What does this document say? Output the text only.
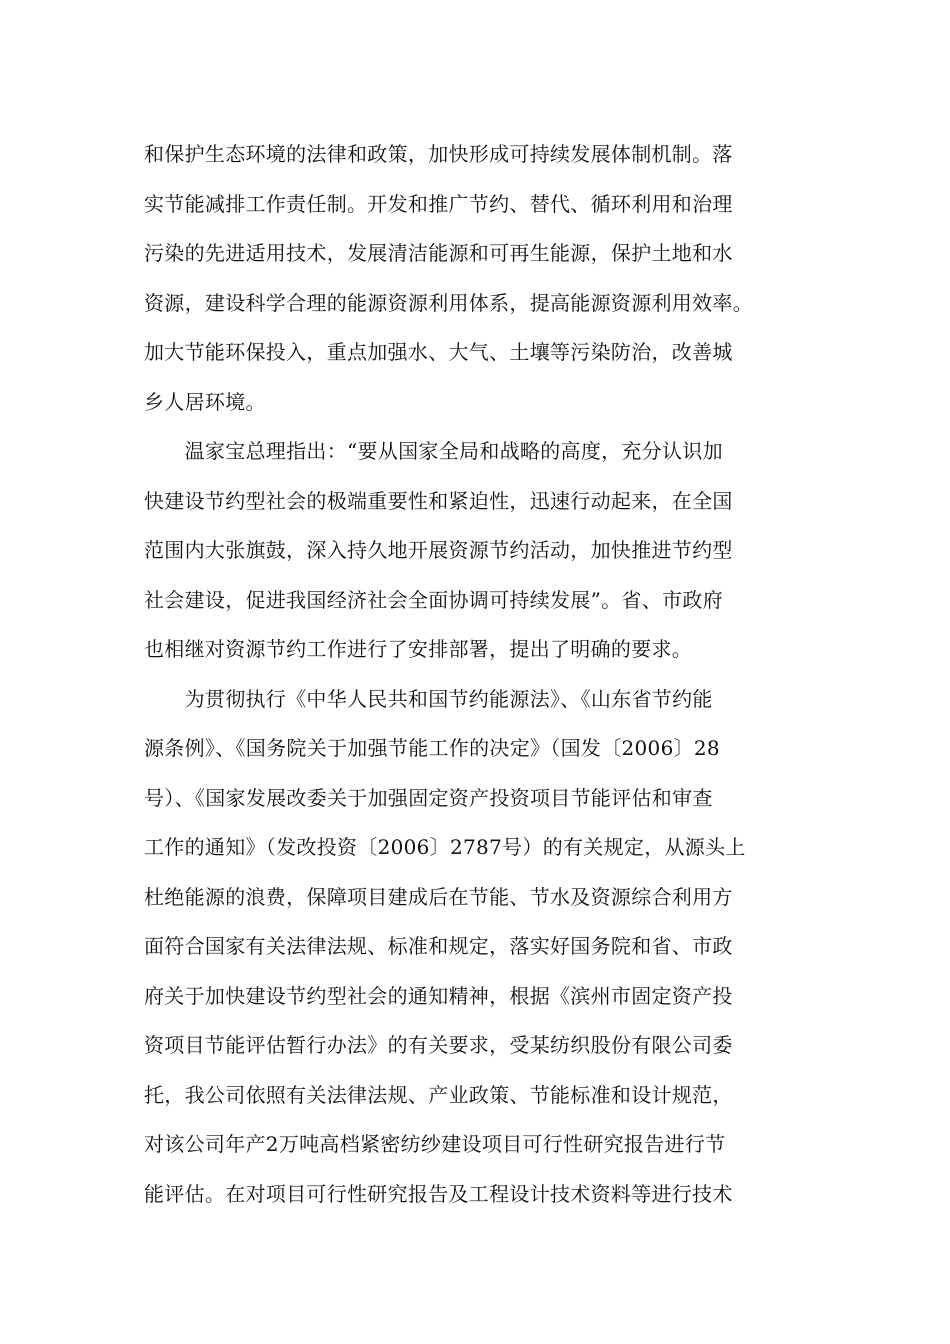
和保护生态环境的法律和政策，加快形成可持续发展体制机制。落
实节能减排工作责任制。开发和推广节约、替代、循环利用和治理
污染的先进适用技术，发展清洁能源和可再生能源，保护土地和水
资源，建设科学合理的能源资源利用体系，提高能源资源利用效率。
加大节能环保投入，重点加强水、大气、土壤等污染防治，改善城
乡人居环境。
　　温家宝总理指出：“要从国家全局和战略的高度，充分认识加
快建设节约型社会的极端重要性和紧迫性，迅速行动起来，在全国
范围内大张旗鼓，深入持久地开展资源节约活动，加快推进节约型
社会建设，促进我国经济社会全面协调可持续发展”。省、市政府
也相继对资源节约工作进行了安排部署，提出了明确的要求。
　　为贯彻执行《中华人民共和国节约能源法》、《山东省节约能
源条例》、《国务院关于加强节能工作的决定》（国发〔2006〕28
号）、《国家发展改委关于加强固定资产投资项目节能评估和审查
工作的通知》（发改投资〔2006〕2787号）的有关规定，从源头上
杜绝能源的浪费，保障项目建成后在节能、节水及资源综合利用方
面符合国家有关法律法规、标准和规定，落实好国务院和省、市政
府关于加快建设节约型社会的通知精神，根据《滨州市固定资产投
资项目节能评估暂行办法》的有关要求，受某纺织股份有限公司委
托，我公司依照有关法律法规、产业政策、节能标准和设计规范，
对该公司年产2万吨高档紧密纺纱建设项目可行性研究报告进行节
能评估。在对项目可行性研究报告及工程设计技术资料等进行技术
